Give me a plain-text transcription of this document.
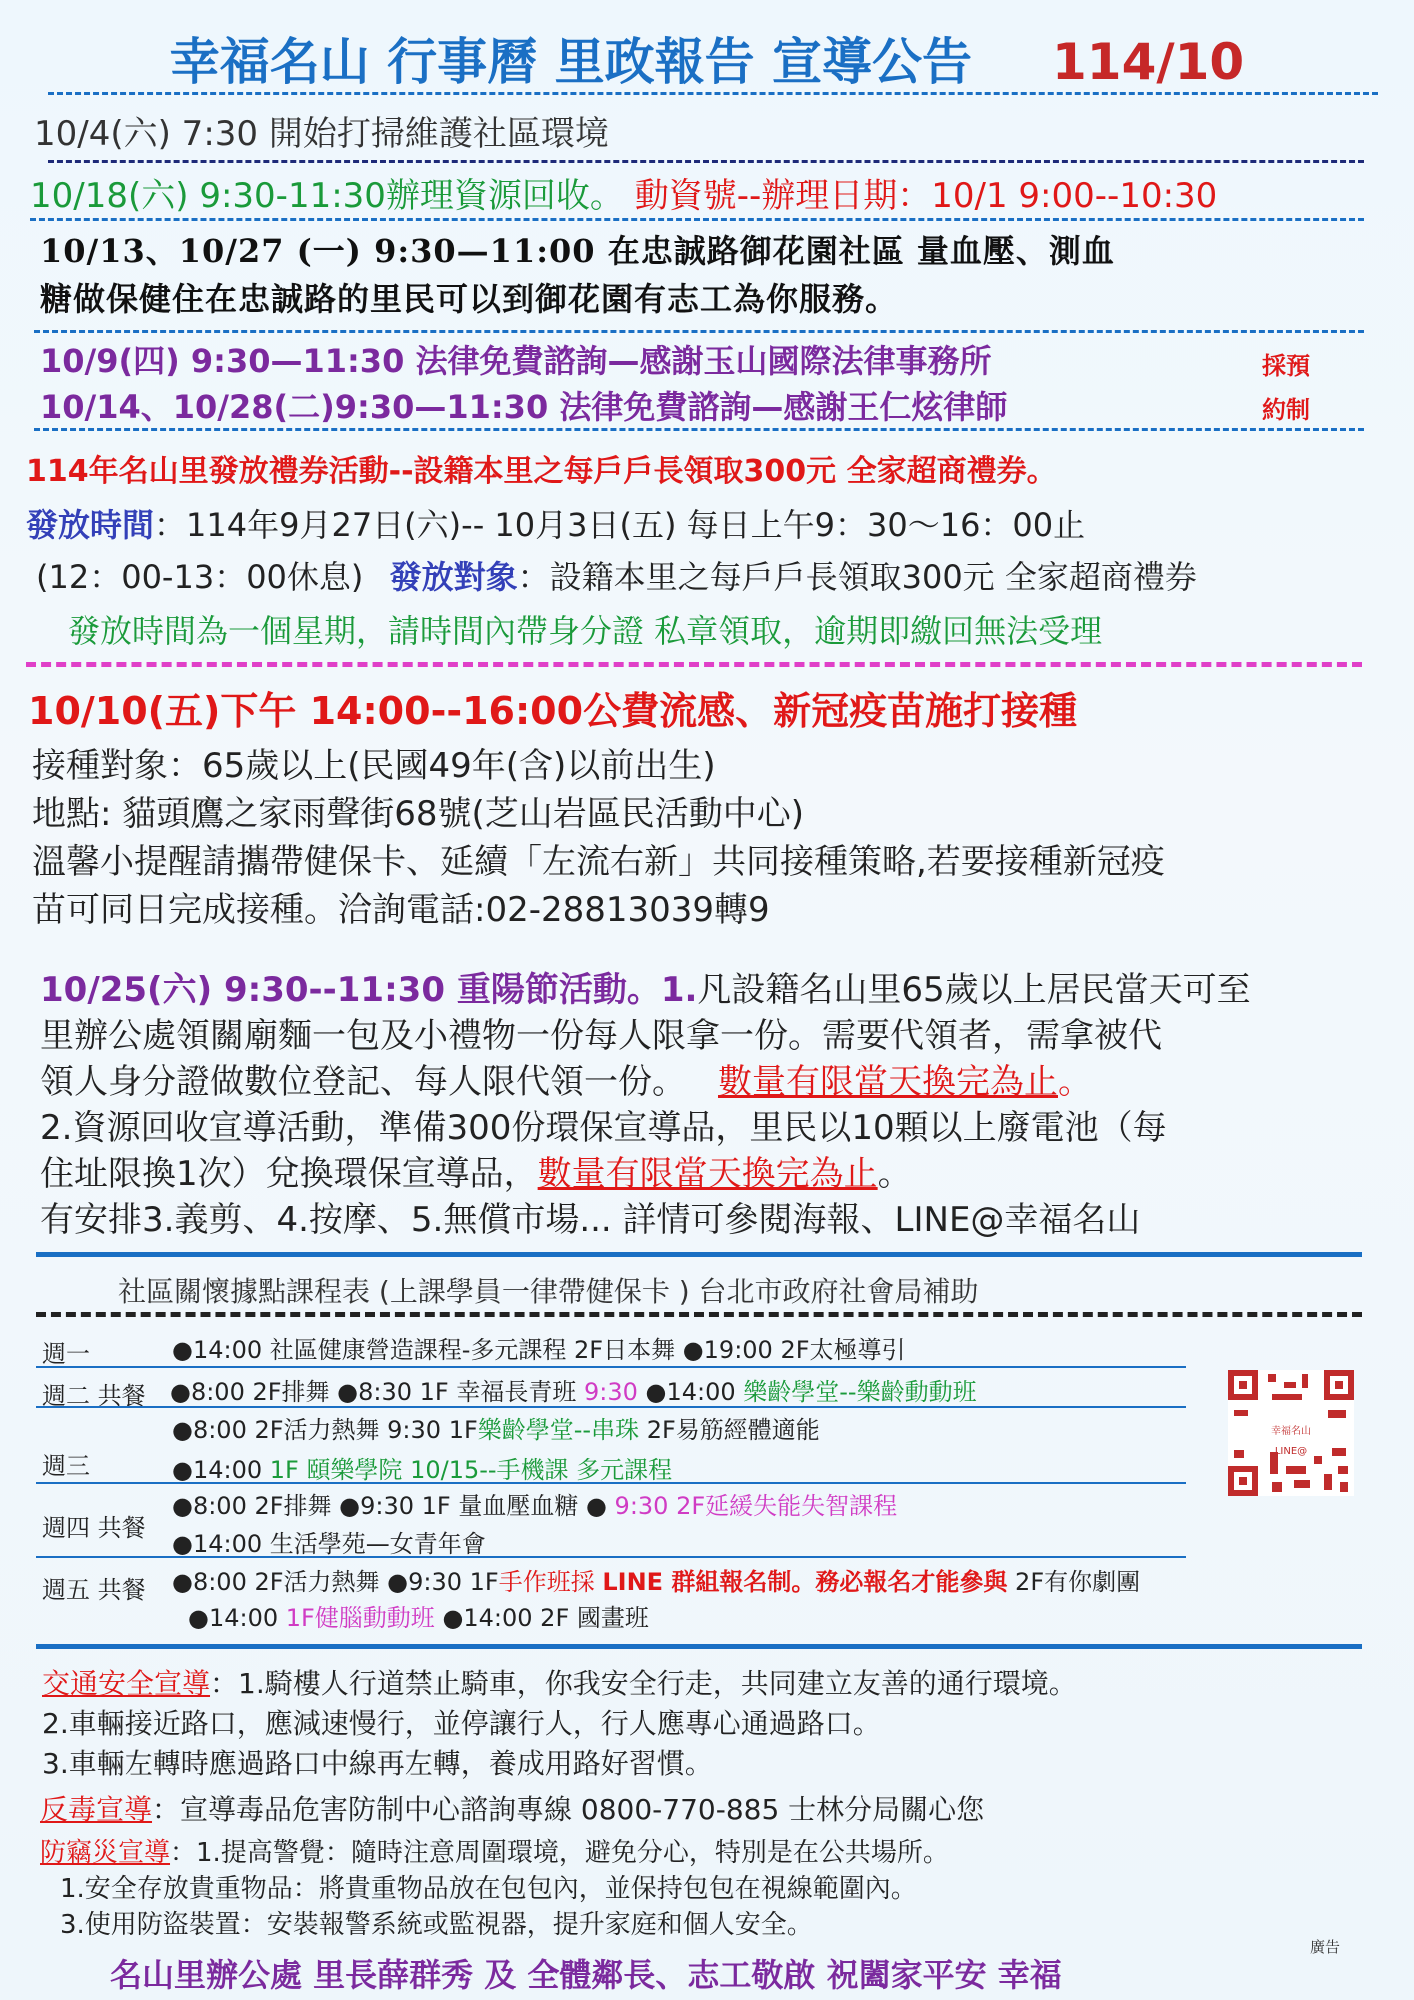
幸福名山 行事曆 里政報告 宣導公告 114/10
10/4(六) 7:30 開始打掃維護社區環境
10/18(六) 9:30-11:30辦理資源回收。 動資號--辦理日期：10/1 9:00--10:30
10/13、10/27 (一) 9:30—11:00 在忠誠路御花園社區 量血壓、測血
糖做保健住在忠誠路的里民可以到御花園有志工為你服務。
10/9(四) 9:30—11:30 法律免費諮詢—感謝玉山國際法律事務所
10/14、10/28(二)9:30—11:30 法律免費諮詢—感謝王仁炫律師
採預
約制
114年名山里發放禮券活動--設籍本里之每戶戶長領取300元 全家超商禮券。
發放時間：114年9月27日(六)-- 10月3日(五) 每日上午9：30～16：00止
(12：00-13：00休息) 發放對象：設籍本里之每戶戶長領取300元 全家超商禮券
發放時間為一個星期，請時間內帶身分證 私章領取，逾期即繳回無法受理
10/10(五)下午 14:00--16:00公費流感、新冠疫苗施打接種
接種對象：65歲以上(民國49年(含)以前出生)
地點: 貓頭鷹之家雨聲街68號(芝山岩區民活動中心)
溫馨小提醒請攜帶健保卡、延續「左流右新」共同接種策略,若要接種新冠疫
苗可同日完成接種。洽詢電話:02-28813039轉9
10/25(六) 9:30--11:30 重陽節活動。1.凡設籍名山里65歲以上居民當天可至
里辦公處領關廟麵一包及小禮物一份每人限拿一份。需要代領者，需拿被代
領人身分證做數位登記、每人限代領一份。 數量有限當天換完為止。
2.資源回收宣導活動，準備300份環保宣導品，里民以10顆以上廢電池（每
住址限換1次）兌換環保宣導品，數量有限當天換完為止。
有安排3.義剪、4.按摩、5.無償市場... 詳情可參閱海報、LINE@幸福名山
社區關懷據點課程表 (上課學員一律帶健保卡 ) 台北市政府社會局補助
週一	●14:00 社區健康營造課程-多元課程 2F日本舞 ●19:00 2F太極導引
週二 共餐 ●8:00 2F排舞 ●8:30 1F 幸福長青班 9:30 ●14:00 樂齡學堂--樂齡動動班
●8:00 2F活力熱舞 9:30 1F樂齡學堂--串珠 2F易筋經體適能
週三	●14:00 1F 頤樂學院 10/15--手機課 多元課程
●8:00 2F排舞 ●9:30 1F 量血壓血糖 ● 9:30 2F延緩失能失智課程
週四 共餐
●14:00 生活學苑—女青年會
●8:00 2F活力熱舞 ●9:30 1F手作班採 LINE 群組報名制。務必報名才能參與 2F有你劇團
週五 共餐
●14:00 1F健腦動動班 ●14:00 2F 國畫班
幸福名山LINE@
交通安全宣導：1.騎樓人行道禁止騎車，你我安全行走，共同建立友善的通行環境。
2.車輛接近路口，應減速慢行，並停讓行人，行人應專心通過路口。
3.車輛左轉時應過路口中線再左轉，養成用路好習慣。
反毒宣導：宣導毒品危害防制中心諮詢專線 0800-770-885 士林分局關心您
防竊災宣導：1.提高警覺：隨時注意周圍環境，避免分心，特別是在公共場所。
1.安全存放貴重物品：將貴重物品放在包包內，並保持包包在視線範圍內。
3.使用防盜裝置：安裝報警系統或監視器，提升家庭和個人安全。
名山里辦公處 里長薛群秀 及 全體鄰長、志工敬啟 祝闔家平安 幸福
廣告
